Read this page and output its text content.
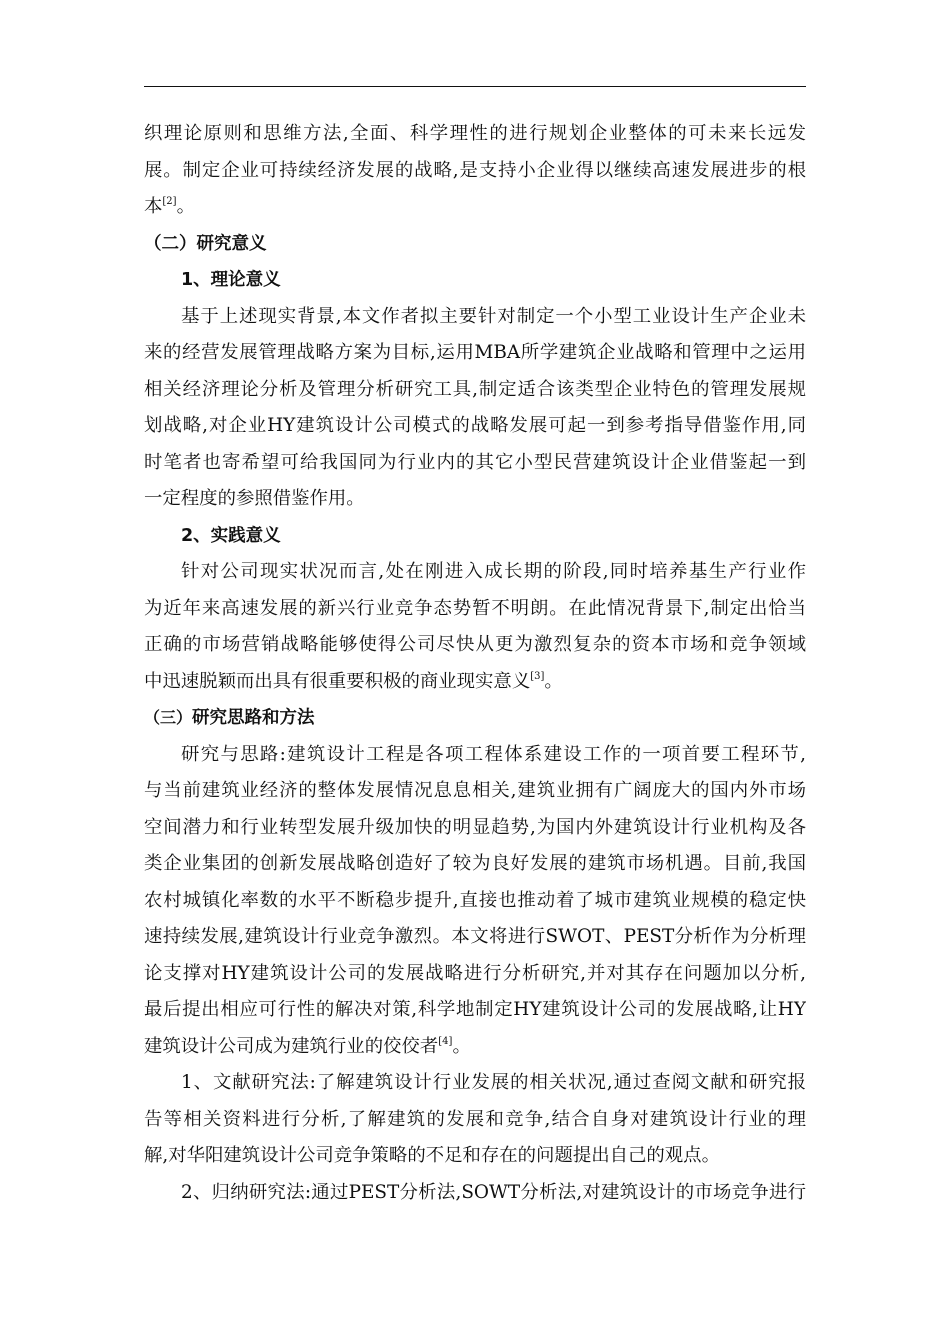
织理论原则和思维方法,全面、科学理性的进行规划企业整体的可未来长远发
展。制定企业可持续经济发展的战略,是支持小企业得以继续高速发展进步的根
本[2]。
（二）研究意义
1、理论意义
基于上述现实背景,本文作者拟主要针对制定一个小型工业设计生产企业未
来的经营发展管理战略方案为目标,运用MBA所学建筑企业战略和管理中之运用
相关经济理论分析及管理分析研究工具,制定适合该类型企业特色的管理发展规
划战略,对企业HY建筑设计公司模式的战略发展可起一到参考指导借鉴作用,同
时笔者也寄希望可给我国同为行业内的其它小型民营建筑设计企业借鉴起一到
一定程度的参照借鉴作用。
2、实践意义
针对公司现实状况而言,处在刚进入成长期的阶段,同时培养基生产行业作
为近年来高速发展的新兴行业竞争态势暂不明朗。在此情况背景下,制定出恰当
正确的市场营销战略能够使得公司尽快从更为激烈复杂的资本市场和竞争领域
中迅速脱颖而出具有很重要积极的商业现实意义[3]。
（三）研究思路和方法
研究与思路:建筑设计工程是各项工程体系建设工作的一项首要工程环节,
与当前建筑业经济的整体发展情况息息相关,建筑业拥有广阔庞大的国内外市场
空间潜力和行业转型发展升级加快的明显趋势,为国内外建筑设计行业机构及各
类企业集团的创新发展战略创造好了较为良好发展的建筑市场机遇。目前,我国
农村城镇化率数的水平不断稳步提升,直接也推动着了城市建筑业规模的稳定快
速持续发展,建筑设计行业竞争激烈。本文将进行SWOT、PEST分析作为分析理
论支撑对HY建筑设计公司的发展战略进行分析研究,并对其存在问题加以分析,
最后提出相应可行性的解决对策,科学地制定HY建筑设计公司的发展战略,让HY
建筑设计公司成为建筑行业的佼佼者[4]。
1、文献研究法:了解建筑设计行业发展的相关状况,通过查阅文献和研究报
告等相关资料进行分析,了解建筑的发展和竞争,结合自身对建筑设计行业的理
解,对华阳建筑设计公司竞争策略的不足和存在的问题提出自己的观点。
2、归纳研究法:通过PEST分析法,SOWT分析法,对建筑设计的市场竞争进行
